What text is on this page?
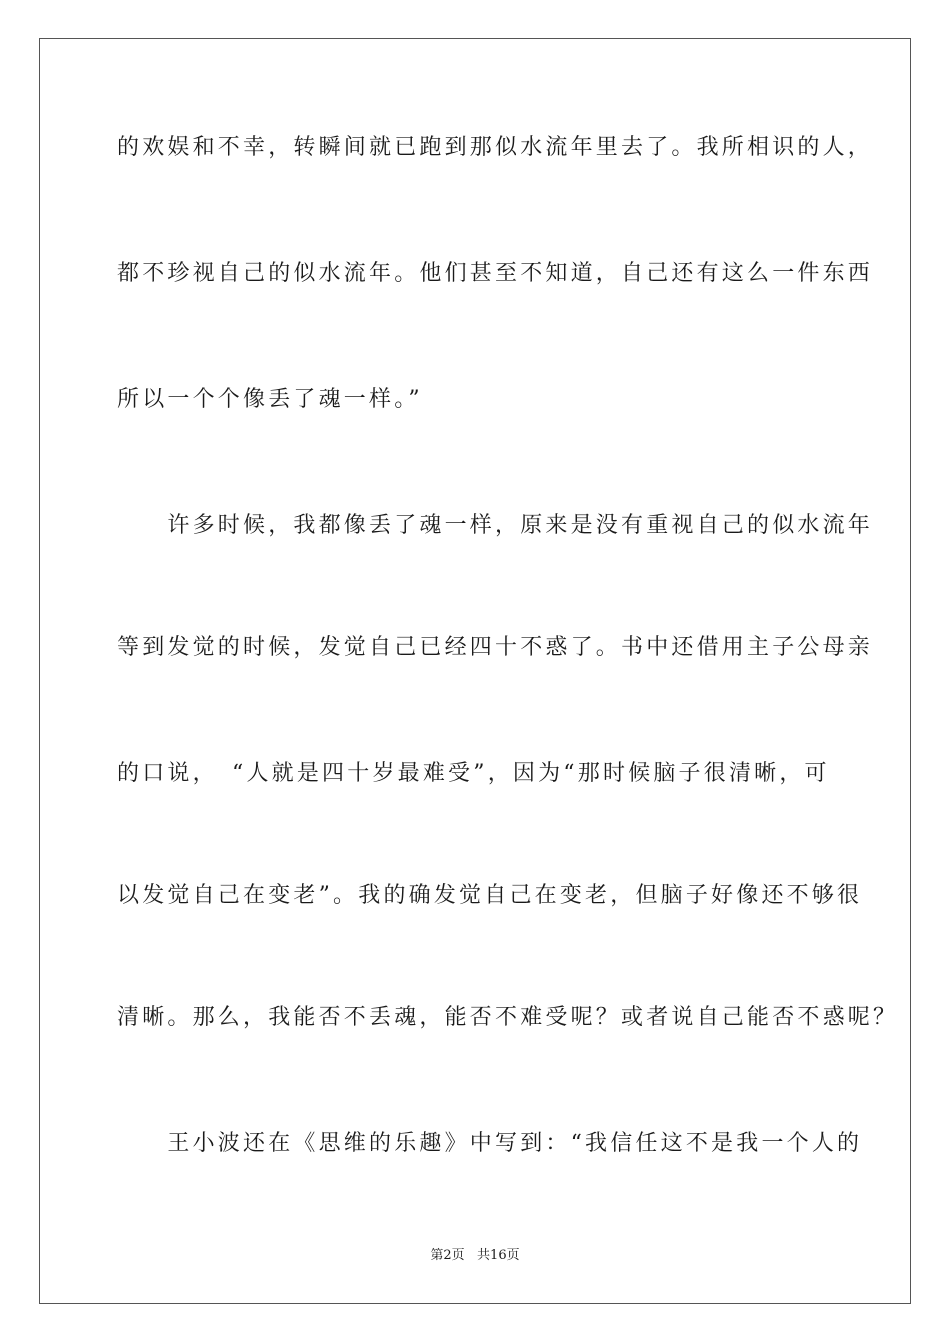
的欢娱和不幸，转瞬间就已跑到那似水流年里去了。我所相识的人，
都不珍视自己的似水流年。他们甚至不知道，自己还有这么一件东西
所以一个个像丢了魂一样。”
　　许多时候，我都像丢了魂一样，原来是没有重视自己的似水流年
等到发觉的时候，发觉自己已经四十不惑了。书中还借用主子公母亲
的口说，　“人就是四十岁最难受”，因为“那时候脑子很清晰，可
以发觉自己在变老”。我的确发觉自己在变老，但脑子好像还不够很
清晰。那么，我能否不丢魂，能否不难受呢？或者说自己能否不惑呢？
　　王小波还在《思维的乐趣》中写到：“我信任这不是我一个人的
第2页   共16页
